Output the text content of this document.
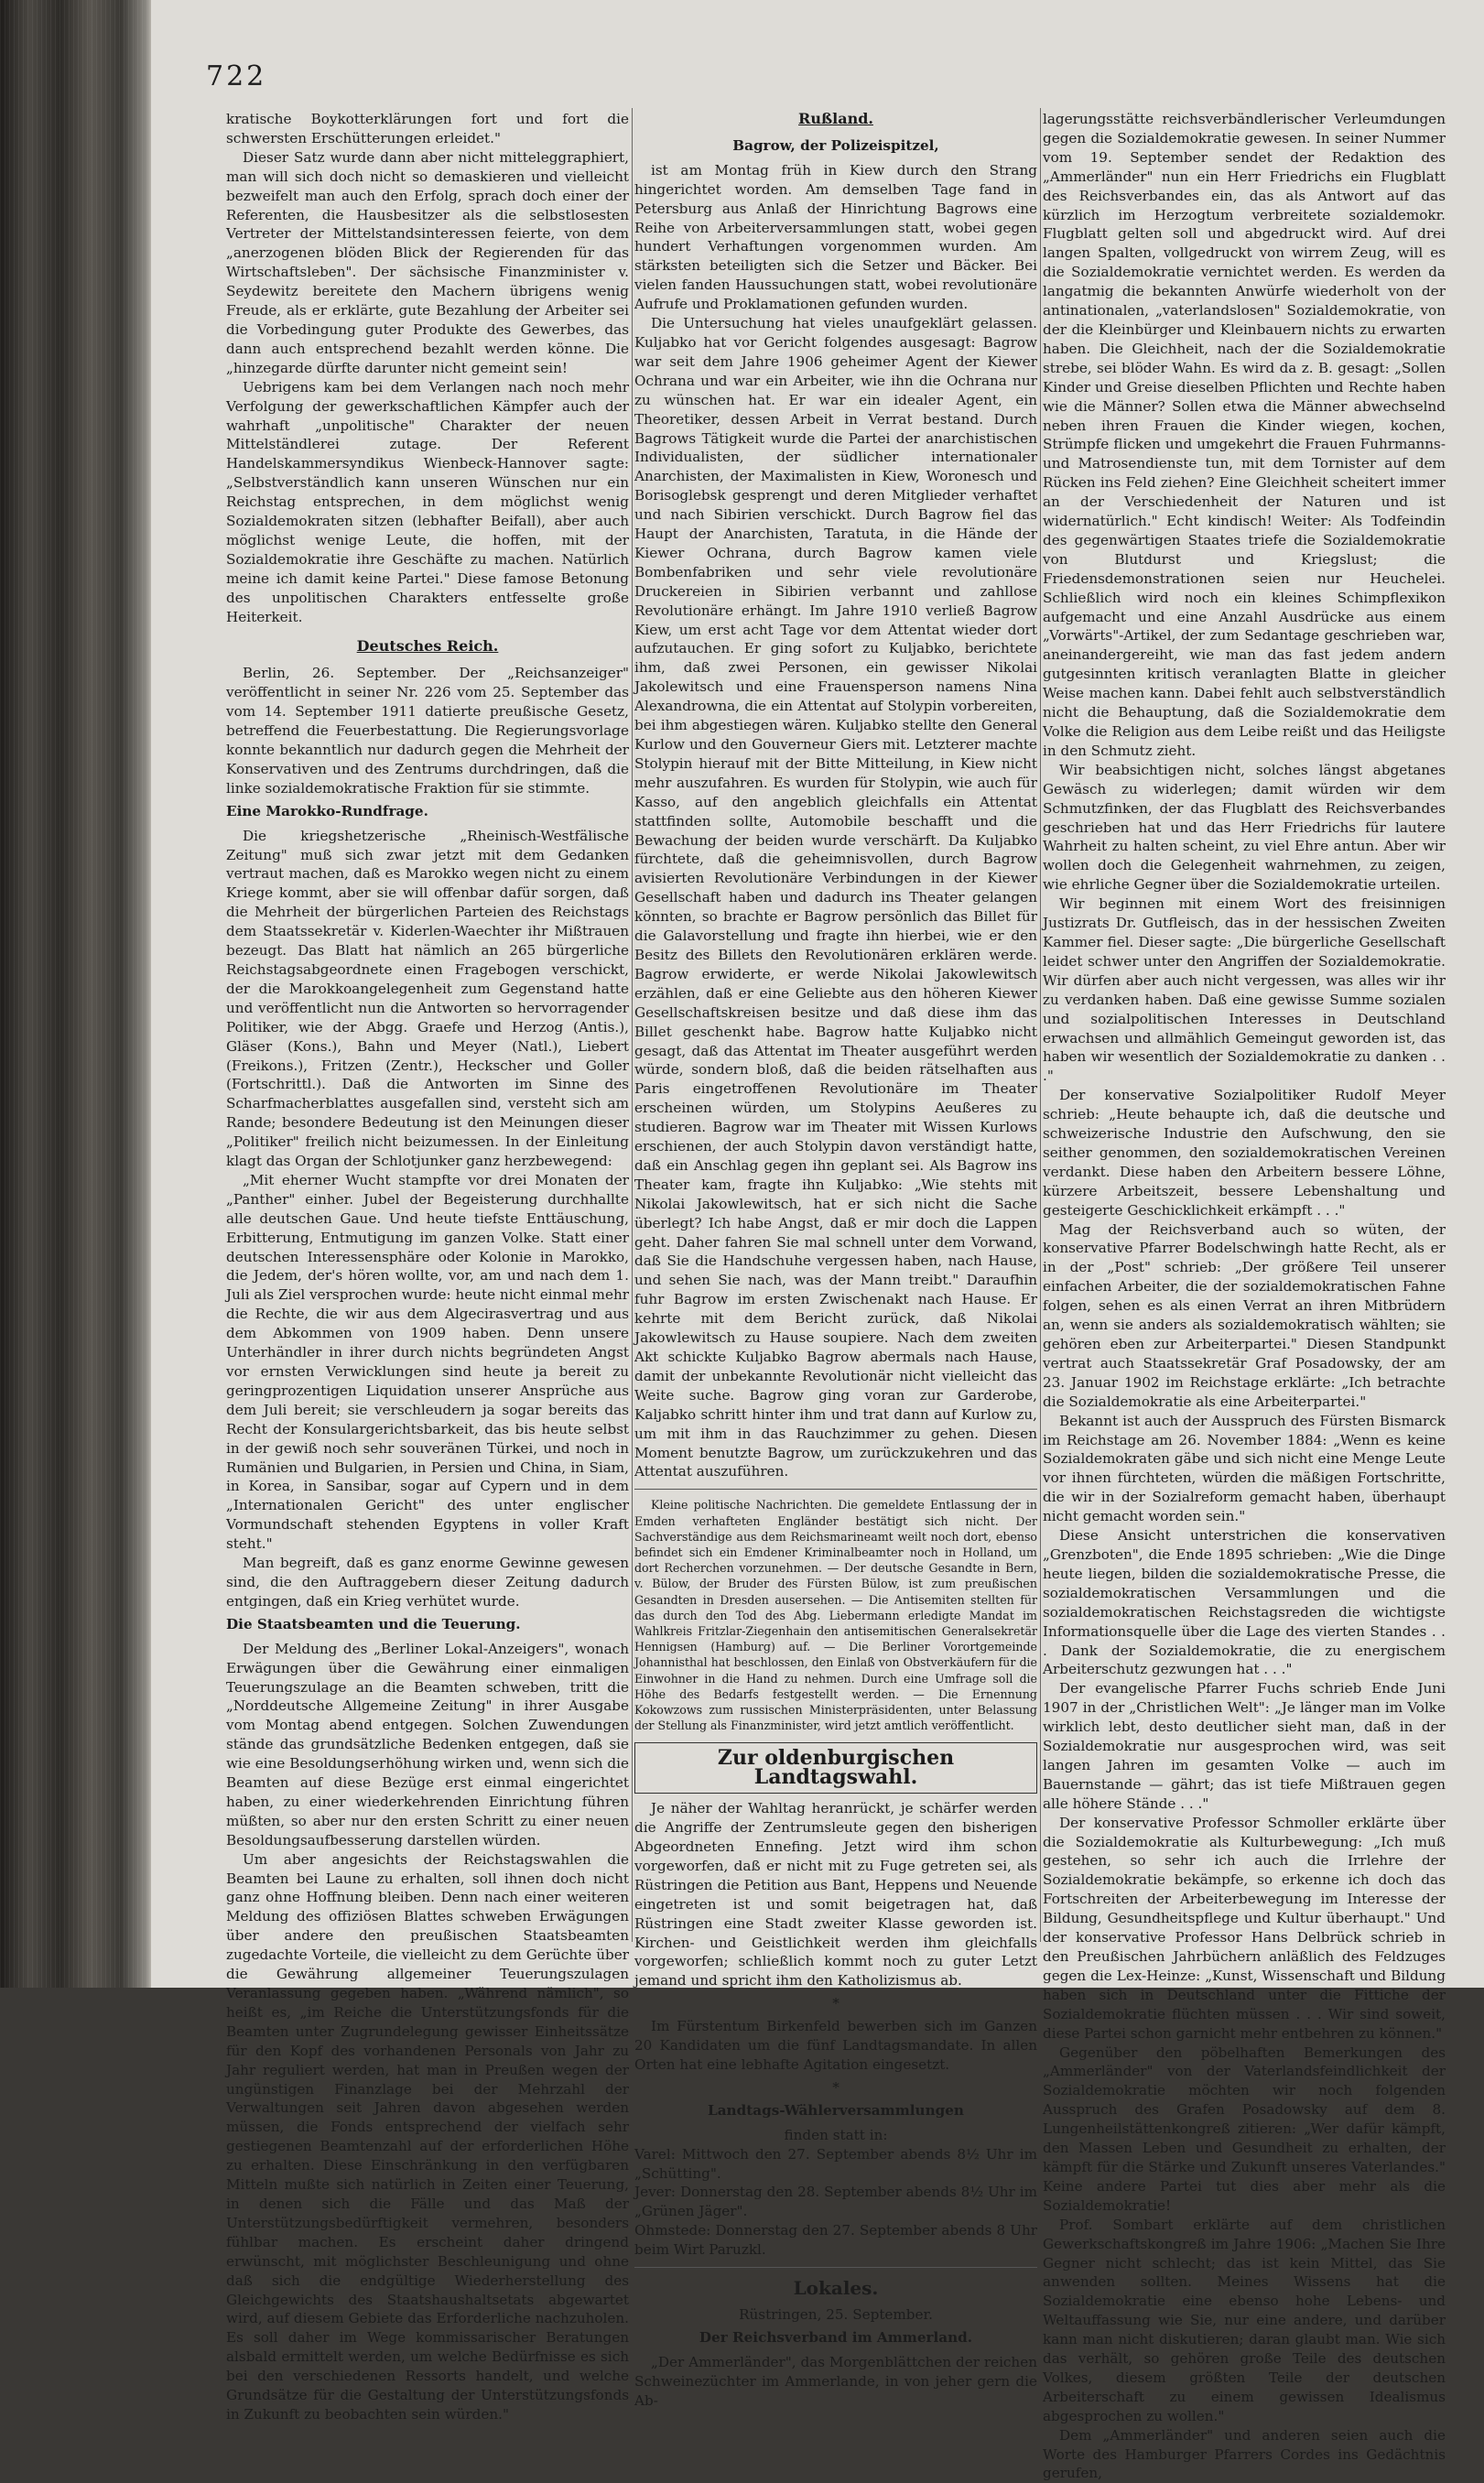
722

kratische Boykotterklärungen fort und fort die schwersten Erschütterungen erleidet."

Dieser Satz wurde dann aber nicht mitteleggraphiert, man will sich doch nicht so demaskieren und vielleicht bezweifelt man auch den Erfolg, sprach doch einer der Referenten, die Hausbesitzer als die selbstlosesten Vertreter der Mittelstandsinteressen feierte, von dem „anerzogenen blöden Blick der Regierenden für das Wirtschaftsleben". Der sächsische Finanzminister v. Seydewitz bereitete den Machern übrigens wenig Freude, als er erklärte, gute Bezahlung der Arbeiter sei die Vorbedingung guter Produkte des Gewerbes, das dann auch entsprechend bezahlt werden könne. Die „hinzegarde dürfte darunter nicht gemeint sein!

Uebrigens kam bei dem Verlangen nach noch mehr Verfolgung der gewerkschaftlichen Kämpfer auch der wahrhaft „unpolitische" Charakter der neuen Mittelständlerei zutage. Der Referent Handelskammersyndikus Wienbeck-Hannover sagte: „Selbstverständlich kann unseren Wünschen nur ein Reichstag entsprechen, in dem möglichst wenig Sozialdemokraten sitzen (lebhafter Beifall), aber auch möglichst wenige Leute, die hoffen, mit der Sozialdemokratie ihre Geschäfte zu machen. Natürlich meine ich damit keine Partei." Diese famose Betonung des unpolitischen Charakters entfesselte große Heiterkeit.

Deutsches Reich.

Berlin, 26. September. Der „Reichsanzeiger" veröffentlicht in seiner Nr. 226 vom 25. September das vom 14. September 1911 datierte preußische Gesetz, betreffend die Feuerbestattung. Die Regierungsvorlage konnte bekanntlich nur dadurch gegen die Mehrheit der Konservativen und des Zentrums durchdringen, daß die linke sozialdemokratische Fraktion für sie stimmte.

Eine Marokko-Rundfrage.

Die kriegshetzerische „Rheinisch-Westfälische Zeitung" muß sich zwar jetzt mit dem Gedanken vertraut machen, daß es Marokko wegen nicht zu einem Kriege kommt, aber sie will offenbar dafür sorgen, daß die Mehrheit der bürgerlichen Parteien des Reichstags dem Staatssekretär v. Kiderlen-Waechter ihr Mißtrauen bezeugt. Das Blatt hat nämlich an 265 bürgerliche Reichstagsabgeordnete einen Fragebogen verschickt, der die Marokkoangelegenheit zum Gegenstand hatte und veröffentlicht nun die Antworten so hervorragender Politiker, wie der Abgg. Graefe und Herzog (Antis.), Gläser (Kons.), Bahn und Meyer (Natl.), Liebert (Freikons.), Fritzen (Zentr.), Heckscher und Goller (Fortschrittl.). Daß die Antworten im Sinne des Scharfmacherblattes ausgefallen sind, versteht sich am Rande; besondere Bedeutung ist den Meinungen dieser „Politiker" freilich nicht beizumessen. In der Einleitung klagt das Organ der Schlotjunker ganz herzbewegend:

„Mit eherner Wucht stampfte vor drei Monaten der „Panther" einher. Jubel der Begeisterung durchhallte alle deutschen Gaue. Und heute tiefste Enttäuschung, Erbitterung, Entmutigung im ganzen Volke. Statt einer deutschen Interessensphäre oder Kolonie in Marokko, die Jedem, der's hören wollte, vor, am und nach dem 1. Juli als Ziel versprochen wurde: heute nicht einmal mehr die Rechte, die wir aus dem Algecirasvertrag und aus dem Abkommen von 1909 haben. Denn unsere Unterhändler in ihrer durch nichts begründeten Angst vor ernsten Verwicklungen sind heute ja bereit zu geringprozentigen Liquidation unserer Ansprüche aus dem Juli bereit; sie verschleudern ja sogar bereits das Recht der Konsulargerichtsbarkeit, das bis heute selbst in der gewiß noch sehr souveränen Türkei, und noch in Rumänien und Bulgarien, in Persien und China, in Siam, in Korea, in Sansibar, sogar auf Cypern und in dem „Internationalen Gericht" des unter englischer Vormundschaft stehenden Egyptens in voller Kraft steht."

Man begreift, daß es ganz enorme Gewinne gewesen sind, die den Auftraggebern dieser Zeitung dadurch entgingen, daß ein Krieg verhütet wurde.

Die Staatsbeamten und die Teuerung.

Der Meldung des „Berliner Lokal-Anzeigers", wonach Erwägungen über die Gewährung einer einmaligen Teuerungszulage an die Beamten schweben, tritt die „Norddeutsche Allgemeine Zeitung" in ihrer Ausgabe vom Montag abend entgegen. Solchen Zuwendungen stände das grundsätzliche Bedenken entgegen, daß sie wie eine Besoldungserhöhung wirken und, wenn sich die Beamten auf diese Bezüge erst einmal eingerichtet haben, zu einer wiederkehrenden Einrichtung führen müßten, so aber nur den ersten Schritt zu einer neuen Besoldungsaufbesserung darstellen würden.

Um aber angesichts der Reichstagswahlen die Beamten bei Laune zu erhalten, soll ihnen doch nicht ganz ohne Hoffnung bleiben. Denn nach einer weiteren Meldung des offiziösen Blattes schweben Erwägungen über andere den preußischen Staatsbeamten zugedachte Vorteile, die vielleicht zu dem Gerüchte über die Gewährung allgemeiner Teuerungszulagen Veranlassung gegeben haben. „Während nämlich", so heißt es, „im Reiche die Unterstützungsfonds für die Beamten unter Zugrundelegung gewisser Einheitssätze für den Kopf des vorhandenen Personals von Jahr zu Jahr reguliert werden, hat man in Preußen wegen der ungünstigen Finanzlage bei der Mehrzahl der Verwaltungen seit Jahren davon abgesehen werden müssen, die Fonds entsprechend der vielfach sehr gestiegenen Beamtenzahl auf der erforderlichen Höhe zu erhalten. Diese Einschränkung in den verfügbaren Mitteln mußte sich natürlich in Zeiten einer Teuerung, in denen sich die Fälle und das Maß der Unterstützungsbedürftigkeit vermehren, besonders fühlbar machen. Es erscheint daher dringend erwünscht, mit möglichster Beschleunigung und ohne daß sich die endgültige Wiederherstellung des Gleichgewichts des Staatshaushaltsetats abgewartet wird, auf diesem Gebiete das Erforderliche nachzuholen. Es soll daher im Wege kommissarischer Beratungen alsbald ermittelt werden, um welche Bedürfnisse es sich bei den verschiedenen Ressorts handelt, und welche Grundsätze für die Gestaltung der Unterstützungsfonds in Zukunft zu beobachten sein würden."

Rußland.
Bagrow, der Polizeispitzel,

ist am Montag früh in Kiew durch den Strang hingerichtet worden. Am demselben Tage fand in Petersburg aus Anlaß der Hinrichtung Bagrows eine Reihe von Arbeiterversammlungen statt, wobei gegen hundert Verhaftungen vorgenommen wurden. Am stärksten beteiligten sich die Setzer und Bäcker. Bei vielen fanden Haussuchungen statt, wobei revolutionäre Aufrufe und Proklamationen gefunden wurden.

Die Untersuchung hat vieles unaufgeklärt gelassen. Kuljabko hat vor Gericht folgendes ausgesagt: Bagrow war seit dem Jahre 1906 geheimer Agent der Kiewer Ochrana und war ein Arbeiter, wie ihn die Ochrana nur zu wünschen hat. Er war ein idealer Agent, ein Theoretiker, dessen Arbeit in Verrat bestand. Durch Bagrows Tätigkeit wurde die Partei der anarchistischen Individualisten, der südlicher internationaler Anarchisten, der Maximalisten in Kiew, Woronesch und Borisoglebsk gesprengt und deren Mitglieder verhaftet und nach Sibirien verschickt. Durch Bagrow fiel das Haupt der Anarchisten, Taratuta, in die Hände der Kiewer Ochrana, durch Bagrow kamen viele Bombenfabriken und sehr viele revolutionäre Druckereien in Sibirien verbannt und zahllose Revolutionäre erhängt. Im Jahre 1910 verließ Bagrow Kiew, um erst acht Tage vor dem Attentat wieder dort aufzutauchen. Er ging sofort zu Kuljabko, berichtete ihm, daß zwei Personen, ein gewisser Nikolai Jakolewitsch und eine Frauensperson namens Nina Alexandrowna, die ein Attentat auf Stolypin vorbereiten, bei ihm abgestiegen wären. Kuljabko stellte den General Kurlow und den Gouverneur Giers mit. Letzterer machte Stolypin hierauf mit der Bitte Mitteilung, in Kiew nicht mehr auszufahren. Es wurden für Stolypin, wie auch für Kasso, auf den angeblich gleichfalls ein Attentat stattfinden sollte, Automobile beschafft und die Bewachung der beiden wurde verschärft. Da Kuljabko fürchtete, daß die geheimnisvollen, durch Bagrow avisierten Revolutionäre Verbindungen in der Kiewer Gesellschaft haben und dadurch ins Theater gelangen könnten, so brachte er Bagrow persönlich das Billet für die Galavorstellung und fragte ihn hierbei, wie er den Besitz des Billets den Revolutionären erklären werde. Bagrow erwiderte, er werde Nikolai Jakowlewitsch erzählen, daß er eine Geliebte aus den höheren Kiewer Gesellschaftskreisen besitze und daß diese ihm das Billet geschenkt habe. Bagrow hatte Kuljabko nicht gesagt, daß das Attentat im Theater ausgeführt werden würde, sondern bloß, daß die beiden rätselhaften aus Paris eingetroffenen Revolutionäre im Theater erscheinen würden, um Stolypins Aeußeres zu studieren. Bagrow war im Theater mit Wissen Kurlows erschienen, der auch Stolypin davon verständigt hatte, daß ein Anschlag gegen ihn geplant sei. Als Bagrow ins Theater kam, fragte ihn Kuljabko: „Wie stehts mit Nikolai Jakowlewitsch, hat er sich nicht die Sache überlegt? Ich habe Angst, daß er mir doch die Lappen geht. Daher fahren Sie mal schnell unter dem Vorwand, daß Sie die Handschuhe vergessen haben, nach Hause, und sehen Sie nach, was der Mann treibt." Daraufhin fuhr Bagrow im ersten Zwischenakt nach Hause. Er kehrte mit dem Bericht zurück, daß Nikolai Jakowlewitsch zu Hause soupiere. Nach dem zweiten Akt schickte Kuljabko Bagrow abermals nach Hause, damit der unbekannte Revolutionär nicht vielleicht das Weite suche. Bagrow ging voran zur Garderobe, Kaljabko schritt hinter ihm und trat dann auf Kurlow zu, um mit ihm in das Rauchzimmer zu gehen. Diesen Moment benutzte Bagrow, um zurückzukehren und das Attentat auszuführen.

Kleine politische Nachrichten. Die gemeldete Entlassung der in Emden verhafteten Engländer bestätigt sich nicht. Der Sachverständige aus dem Reichsmarineamt weilt noch dort, ebenso befindet sich ein Emdener Kriminalbeamter noch in Holland, um dort Recherchen vorzunehmen. — Der deutsche Gesandte in Bern, v. Bülow, der Bruder des Fürsten Bülow, ist zum preußischen Gesandten in Dresden ausersehen. — Die Antisemiten stellten für das durch den Tod des Abg. Liebermann erledigte Mandat im Wahlkreis Fritzlar-Ziegenhain den antisemitischen Generalsekretär Hennigsen (Hamburg) auf. — Die Berliner Vorortgemeinde Johannisthal hat beschlossen, den Einlaß von Obstverkäufern für die Einwohner in die Hand zu nehmen. Durch eine Umfrage soll die Höhe des Bedarfs festgestellt werden. — Die Ernennung Kokowzows zum russischen Ministerpräsidenten, unter Belassung der Stellung als Finanzminister, wird jetzt amtlich veröffentlicht.

Zur oldenburgischen Landtagswahl.

Je näher der Wahltag heranrückt, je schärfer werden die Angriffe der Zentrumsleute gegen den bisherigen Abgeordneten Ennefing. Jetzt wird ihm schon vorgeworfen, daß er nicht mit zu Fuge getreten sei, als Rüstringen die Petition aus Bant, Heppens und Neuende eingetreten ist und somit beigetragen hat, daß Rüstringen eine Stadt zweiter Klasse geworden ist. Kirchen- und Geistlichkeit werden ihm gleichfalls vorgeworfen; schließlich kommt noch zu guter Letzt jemand und spricht ihm den Katholizismus ab.

*

Im Fürstentum Birkenfeld bewerben sich im Ganzen 20 Kandidaten um die fünf Landtagsmandate. In allen Orten hat eine lebhafte Agitation eingesetzt.

*
Landtags-Wählerversammlungen

finden statt in:

Varel: Mittwoch den 27. September abends 8½ Uhr im „Schütting".

Jever: Donnerstag den 28. September abends 8½ Uhr im „Grünen Jäger".

Ohmstede: Donnerstag den 27. September abends 8 Uhr beim Wirt Paruzkl.

Lokales.

Rüstringen, 25. September.

Der Reichsverband im Ammerland.

„Der Ammerländer", das Morgenblättchen der reichen Schweinezüchter im Ammerlande, in von jeher gern die Ab-

lagerungsstätte reichsverbändlerischer Verleumdungen gegen die Sozialdemokratie gewesen. In seiner Nummer vom 19. September sendet der Redaktion des „Ammerländer" nun ein Herr Friedrichs ein Flugblatt des Reichsverbandes ein, das als Antwort auf das kürzlich im Herzogtum verbreitete sozialdemokr. Flugblatt gelten soll und abgedruckt wird. Auf drei langen Spalten, vollgedruckt von wirrem Zeug, will es die Sozialdemokratie vernichtet werden. Es werden da langatmig die bekannten Anwürfe wiederholt von der antinationalen, „vaterlandslosen" Sozialdemokratie, von der die Kleinbürger und Kleinbauern nichts zu erwarten haben. Die Gleichheit, nach der die Sozialdemokratie strebe, sei blöder Wahn. Es wird da z. B. gesagt: „Sollen Kinder und Greise dieselben Pflichten und Rechte haben wie die Männer? Sollen etwa die Männer abwechselnd neben ihren Frauen die Kinder wiegen, kochen, Strümpfe flicken und umgekehrt die Frauen Fuhrmanns- und Matrosendienste tun, mit dem Tornister auf dem Rücken ins Feld ziehen? Eine Gleichheit scheitert immer an der Verschiedenheit der Naturen und ist widernatürlich." Echt kindisch! Weiter: Als Todfeindin des gegenwärtigen Staates triefe die Sozialdemokratie von Blutdurst und Kriegslust; die Friedensdemonstrationen seien nur Heuchelei. Schließlich wird noch ein kleines Schimpflexikon aufgemacht und eine Anzahl Ausdrücke aus einem „Vorwärts"-Artikel, der zum Sedantage geschrieben war, aneinandergereiht, wie man das fast jedem andern gutgesinnten kritisch veranlagten Blatte in gleicher Weise machen kann. Dabei fehlt auch selbstverständlich nicht die Behauptung, daß die Sozialdemokratie dem Volke die Religion aus dem Leibe reißt und das Heiligste in den Schmutz zieht.

Wir beabsichtigen nicht, solches längst abgetanes Gewäsch zu widerlegen; damit würden wir dem Schmutzfinken, der das Flugblatt des Reichsverbandes geschrieben hat und das Herr Friedrichs für lautere Wahrheit zu halten scheint, zu viel Ehre antun. Aber wir wollen doch die Gelegenheit wahrnehmen, zu zeigen, wie ehrliche Gegner über die Sozialdemokratie urteilen.

Wir beginnen mit einem Wort des freisinnigen Justizrats Dr. Gutfleisch, das in der hessischen Zweiten Kammer fiel. Dieser sagte: „Die bürgerliche Gesellschaft leidet schwer unter den Angriffen der Sozialdemokratie. Wir dürfen aber auch nicht vergessen, was alles wir ihr zu verdanken haben. Daß eine gewisse Summe sozialen und sozialpolitischen Interesses in Deutschland erwachsen und allmählich Gemeingut geworden ist, das haben wir wesentlich der Sozialdemokratie zu danken . . ."

Der konservative Sozialpolitiker Rudolf Meyer schrieb: „Heute behaupte ich, daß die deutsche und schweizerische Industrie den Aufschwung, den sie seither genommen, den sozialdemokratischen Vereinen verdankt. Diese haben den Arbeitern bessere Löhne, kürzere Arbeitszeit, bessere Lebenshaltung und gesteigerte Geschicklichkeit erkämpft . . ."

Mag der Reichsverband auch so wüten, der konservative Pfarrer Bodelschwingh hatte Recht, als er in der „Post" schrieb: „Der größere Teil unserer einfachen Arbeiter, die der sozialdemokratischen Fahne folgen, sehen es als einen Verrat an ihren Mitbrüdern an, wenn sie anders als sozialdemokratisch wählten; sie gehören eben zur Arbeiterpartei." Diesen Standpunkt vertrat auch Staatssekretär Graf Posadowsky, der am 23. Januar 1902 im Reichstage erklärte: „Ich betrachte die Sozialdemokratie als eine Arbeiterpartei."

Bekannt ist auch der Ausspruch des Fürsten Bismarck im Reichstage am 26. November 1884: „Wenn es keine Sozialdemokraten gäbe und sich nicht eine Menge Leute vor ihnen fürchteten, würden die mäßigen Fortschritte, die wir in der Sozialreform gemacht haben, überhaupt nicht gemacht worden sein."

Diese Ansicht unterstrichen die konservativen „Grenzboten", die Ende 1895 schrieben: „Wie die Dinge heute liegen, bilden die sozialdemokratische Presse, die sozialdemokratischen Versammlungen und die sozialdemokratischen Reichstagsreden die wichtigste Informationsquelle über die Lage des vierten Standes . . . Dank der Sozialdemokratie, die zu energischem Arbeiterschutz gezwungen hat . . ."

Der evangelische Pfarrer Fuchs schrieb Ende Juni 1907 in der „Christlichen Welt": „Je länger man im Volke wirklich lebt, desto deutlicher sieht man, daß in der Sozialdemokratie nur ausgesprochen wird, was seit langen Jahren im gesamten Volke — auch im Bauernstande — gährt; das ist tiefe Mißtrauen gegen alle höhere Stände . . ."

Der konservative Professor Schmoller erklärte über die Sozialdemokratie als Kulturbewegung: „Ich muß gestehen, so sehr ich auch die Irrlehre der Sozialdemokratie bekämpfe, so erkenne ich doch das Fortschreiten der Arbeiterbewegung im Interesse der Bildung, Gesundheitspflege und Kultur überhaupt." Und der konservative Professor Hans Delbrück schrieb in den Preußischen Jahrbüchern anläßlich des Feldzuges gegen die Lex-Heinze: „Kunst, Wissenschaft und Bildung haben sich in Deutschland unter die Fittiche der Sozialdemokratie flüchten müssen . . . Wir sind soweit, diese Partei schon garnicht mehr entbehren zu können."

Gegenüber den pöbelhaften Bemerkungen des „Ammerländer" von der Vaterlandsfeindlichkeit der Sozialdemokratie möchten wir noch folgenden Ausspruch des Grafen Posadowsky auf dem 8. Lungenheilstättenkongreß zitieren: „Wer dafür kämpft, den Massen Leben und Gesundheit zu erhalten, der kämpft für die Stärke und Zukunft unseres Vaterlandes." Keine andere Partei tut dies aber mehr als die Sozialdemokratie!

Prof. Sombart erklärte auf dem christlichen Gewerkschaftskongreß im Jahre 1906: „Machen Sie Ihre Gegner nicht schlecht; das ist kein Mittel, das Sie anwenden sollten. Meines Wissens hat die Sozialdemokratie eine ebenso hohe Lebens- und Weltauffassung wie Sie, nur eine andere, und darüber kann man nicht diskutieren; daran glaubt man. Wie sich das verhält, so gehören große Teile des deutschen Volkes, diesem größten Teile der deutschen Arbeiterschaft zu einem gewissen Idealismus abgesprochen zu wollen."

Dem „Ammerländer" und anderen seien auch die Worte des Hamburger Pfarrers Cordes ins Gedächtnis gerufen,
